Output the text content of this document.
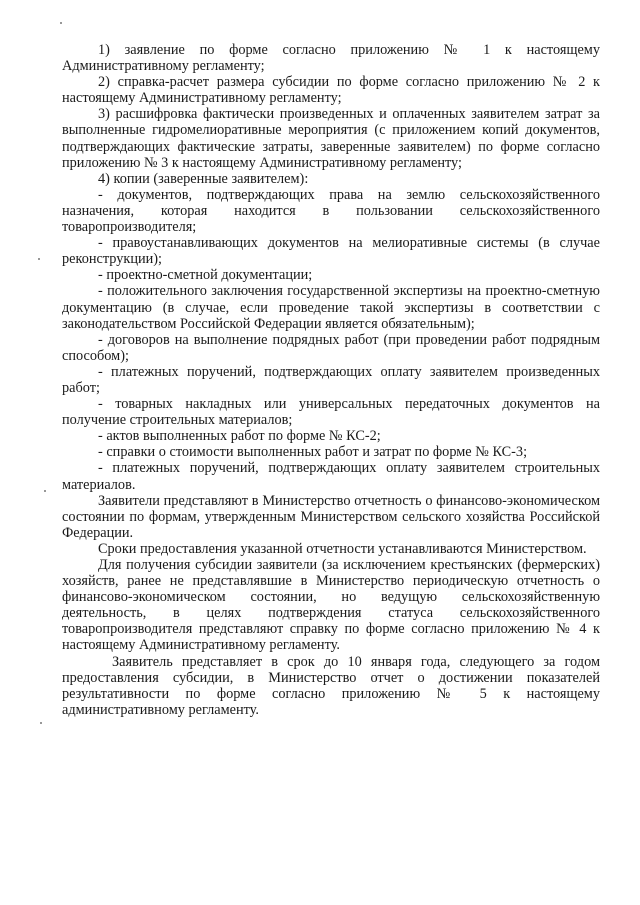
1) заявление по форме согласно приложению № 1 к настоящему Административному регламенту;

2) справка-расчет размера субсидии по форме согласно приложению № 2 к настоящему Административному регламенту;

3) расшифровка фактически произведенных и оплаченных заявителем затрат за выполненные гидромелиоративные мероприятия (с приложением копий документов, подтверждающих фактические затраты, заверенные заявителем) по форме согласно приложению № 3 к настоящему Административному регламенту;

4) копии (заверенные заявителем):

- документов, подтверждающих права на землю сельскохозяйственного назначения, которая находится в пользовании сельскохозяйственного товаропроизводителя;

- правоустанавливающих документов на мелиоративные системы (в случае реконструкции);

- проектно-сметной документации;

- положительного заключения государственной экспертизы на проектно-сметную документацию (в случае, если проведение такой экспертизы в соответствии с законодательством Российской Федерации является обязательным);

- договоров на выполнение подрядных работ (при проведении работ подрядным способом);

- платежных поручений, подтверждающих оплату заявителем произведенных работ;

- товарных накладных или универсальных передаточных документов на получение строительных материалов;

- актов выполненных работ по форме № КС-2;

- справки о стоимости выполненных работ и затрат по форме № КС-3;

- платежных поручений, подтверждающих оплату заявителем строительных материалов.

Заявители представляют в Министерство отчетность о финансово-экономическом состоянии по формам, утвержденным Министерством сельского хозяйства Российской Федерации.

Сроки предоставления указанной отчетности устанавливаются Министерством.

Для получения субсидии заявители (за исключением крестьянских (фермерских) хозяйств, ранее не представлявшие в Министерство периодическую отчетность о финансово-экономическом состоянии, но ведущую сельскохозяйственную деятельность, в целях подтверждения статуса сельскохозяйственного товаропроизводителя представляют справку по форме согласно приложению № 4 к настоящему Административному регламенту.

Заявитель представляет в срок до 10 января года, следующего за годом предоставления субсидии, в Министерство отчет о достижении показателей результативности по форме согласно приложению № 5 к настоящему административному регламенту.
